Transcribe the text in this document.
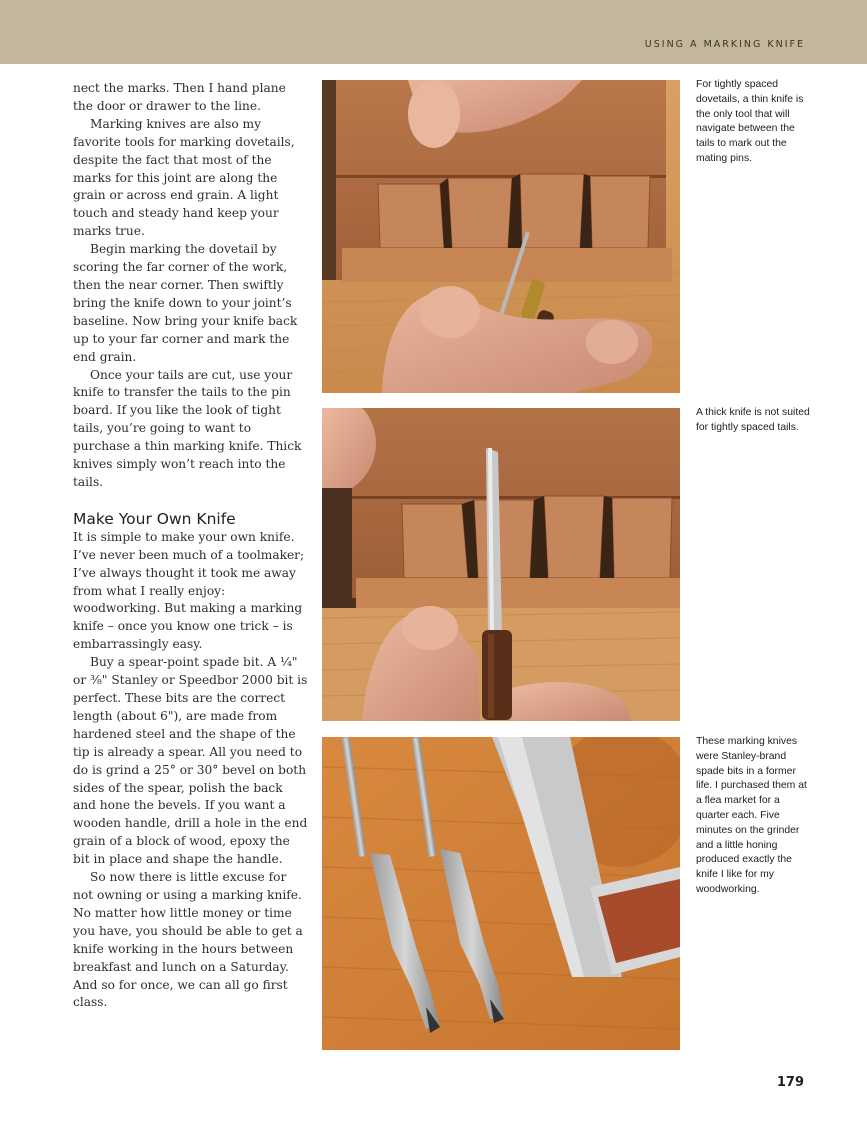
USING A MARKING KNIFE

nect the marks. Then I hand plane the door or drawer to the line.

Marking knives are also my favorite tools for marking dovetails, despite the fact that most of the marks for this joint are along the grain or across end grain. A light touch and steady hand keep your marks true.

Begin marking the dovetail by scoring the far corner of the work, then the near corner. Then swiftly bring the knife down to your joint’s baseline. Now bring your knife back up to your far corner and mark the end grain.

Once your tails are cut, use your knife to transfer the tails to the pin board. If you like the look of tight tails, you’re going to want to purchase a thin marking knife. Thick knives simply won’t reach into the tails.

Make Your Own Knife

It is simple to make your own knife. I’ve never been much of a toolmaker; I’ve always thought it took me away from what I really enjoy: woodworking. But making a marking knife – once you know one trick – is embarrassingly easy.

Buy a spear-point spade bit. A ¹⁄₄" or ³⁄₈" Stanley or Speedbor 2000 bit is perfect. These bits are the correct length (about 6"), are made from hardened steel and the shape of the tip is already a spear. All you need to do is grind a 25° or 30° bevel on both sides of the spear, polish the back and hone the bevels. If you want a wooden handle, drill a hole in the end grain of a block of wood, epoxy the bit in place and shape the handle.

So now there is little excuse for not owning or using a marking knife. No matter how little money or time you have, you should be able to get a knife working in the hours between breakfast and lunch on a Saturday. And so for once, we can all go first class.

For tightly spaced dovetails, a thin knife is the only tool that will navigate between the tails to mark out the mating pins.
A thick knife is not suited for tightly spaced tails.
These marking knives were Stanley-brand spade bits in a former life. I purchased them at a flea market for a quarter each. Five minutes on the grinder and a little honing produced exactly the knife I like for my woodworking.
179
